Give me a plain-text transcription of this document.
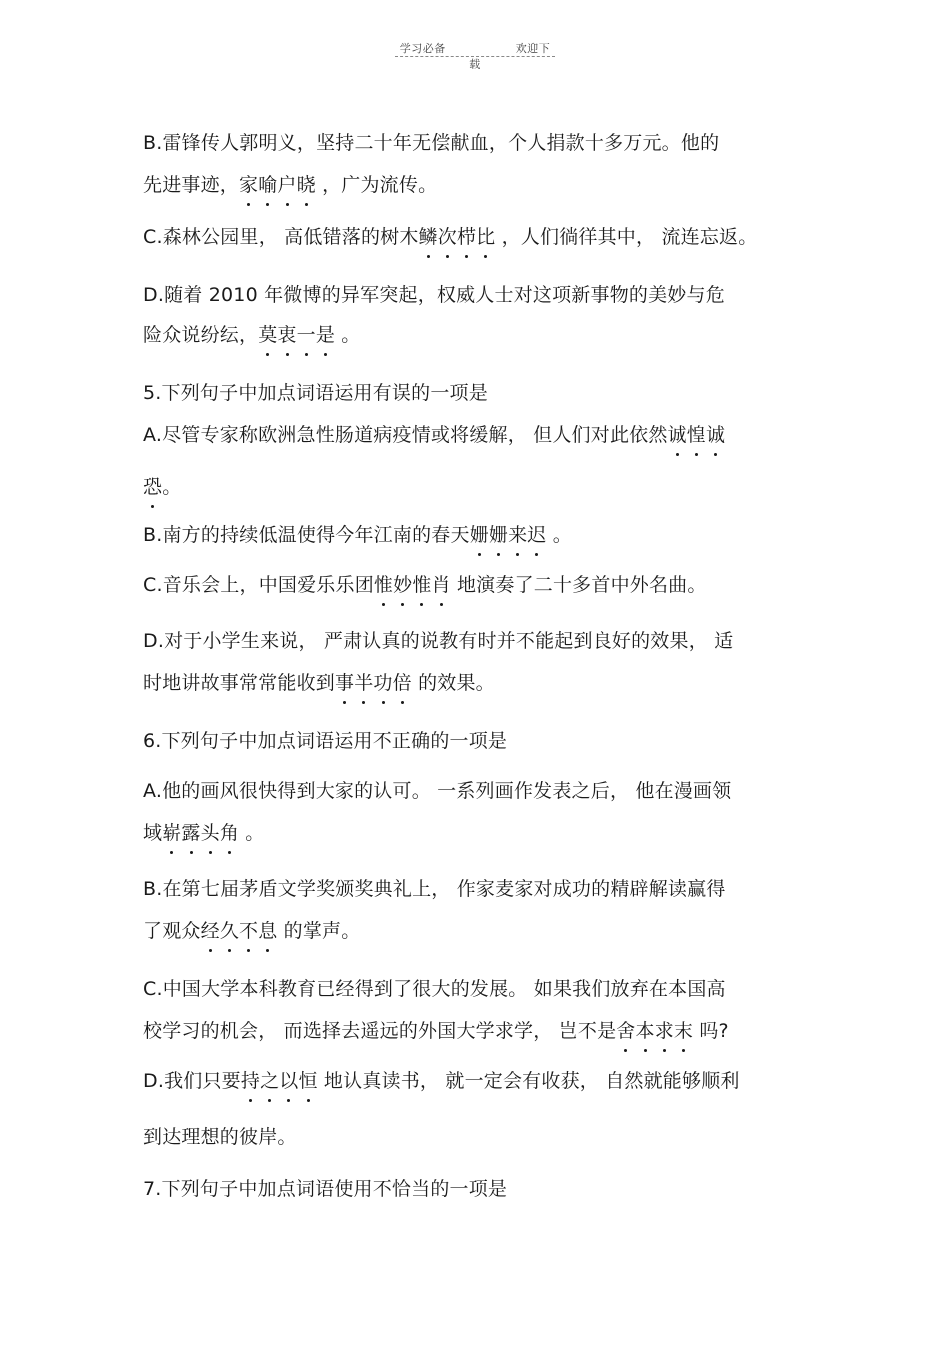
学习必备	欢迎下载
B.雷锋传人郭明义，坚持二十年无偿献血，个人捐款十多万元。他的
先进事迹，家喻户晓 ，广为流传。
C.森林公园里， 高低错落的树木鳞次栉比 ，人们徜徉其中， 流连忘返。
D.随着 2010 年微博的异军突起，权威人士对这项新事物的美妙与危
险众说纷纭，莫衷一是 。
5.下列句子中加点词语运用有误的一项是
A.尽管专家称欧洲急性肠道病疫情或将缓解， 但人们对此依然诚惶诚
恐。
B.南方的持续低温使得今年江南的春天姗姗来迟 。
C.音乐会上，中国爱乐乐团惟妙惟肖 地演奏了二十多首中外名曲。
D.对于小学生来说， 严肃认真的说教有时并不能起到良好的效果， 适
时地讲故事常常能收到事半功倍 的效果。
6.下列句子中加点词语运用不正确的一项是
A.他的画风很快得到大家的认可。 一系列画作发表之后， 他在漫画领
域崭露头角 。
B.在第七届茅盾文学奖颁奖典礼上， 作家麦家对成功的精辟解读赢得
了观众经久不息 的掌声。
C.中国大学本科教育已经得到了很大的发展。 如果我们放弃在本国高
校学习的机会， 而选择去遥远的外国大学求学， 岂不是舍本求末 吗?
D.我们只要持之以恒 地认真读书， 就一定会有收获， 自然就能够顺利
到达理想的彼岸。
7.下列句子中加点词语使用不恰当的一项是
